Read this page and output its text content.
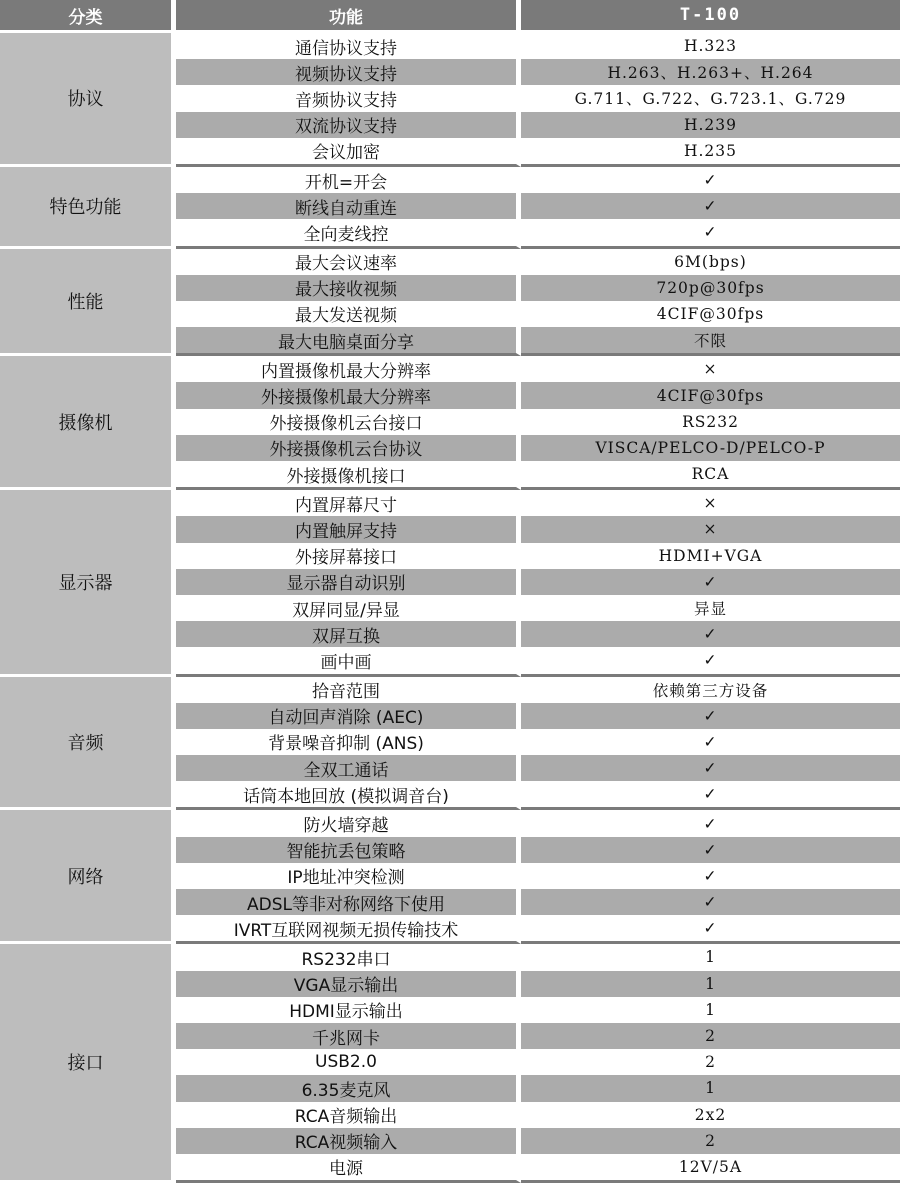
分类	功能	T-100
协议	通信协议支持	H.323
	视频协议支持	H.263、H.263+、H.264
	音频协议支持	G.711、G.722、G.723.1、G.729
	双流协议支持	H.239
	会议加密	H.235
特色功能	开机=开会	✓
	断线自动重连	✓
	全向麦线控	✓
性能	最大会议速率	6M(bps)
	最大接收视频	720p@30fps
	最大发送视频	4CIF@30fps
	最大电脑桌面分享	不限
摄像机	内置摄像机最大分辨率	×
	外接摄像机最大分辨率	4CIF@30fps
	外接摄像机云台接口	RS232
	外接摄像机云台协议	VISCA/PELCO-D/PELCO-P
	外接摄像机接口	RCA
显示器	内置屏幕尺寸	×
	内置触屏支持	×
	外接屏幕接口	HDMI+VGA
	显示器自动识别	✓
	双屏同显/异显	异显
	双屏互换	✓
	画中画	✓
音频	拾音范围	依赖第三方设备
	自动回声消除 (AEC)	✓
	背景噪音抑制 (ANS)	✓
	全双工通话	✓
	话筒本地回放 (模拟调音台)	✓
网络	防火墙穿越	✓
	智能抗丢包策略	✓
	IP地址冲突检测	✓
	ADSL等非对称网络下使用	✓
	IVRT互联网视频无损传输技术	✓
接口	RS232串口	1
	VGA显示输出	1
	HDMI显示输出	1
	千兆网卡	2
	USB2.0	2
	6.35麦克风	1
	RCA音频输出	2x2
	RCA视频输入	2
	电源	12V/5A
